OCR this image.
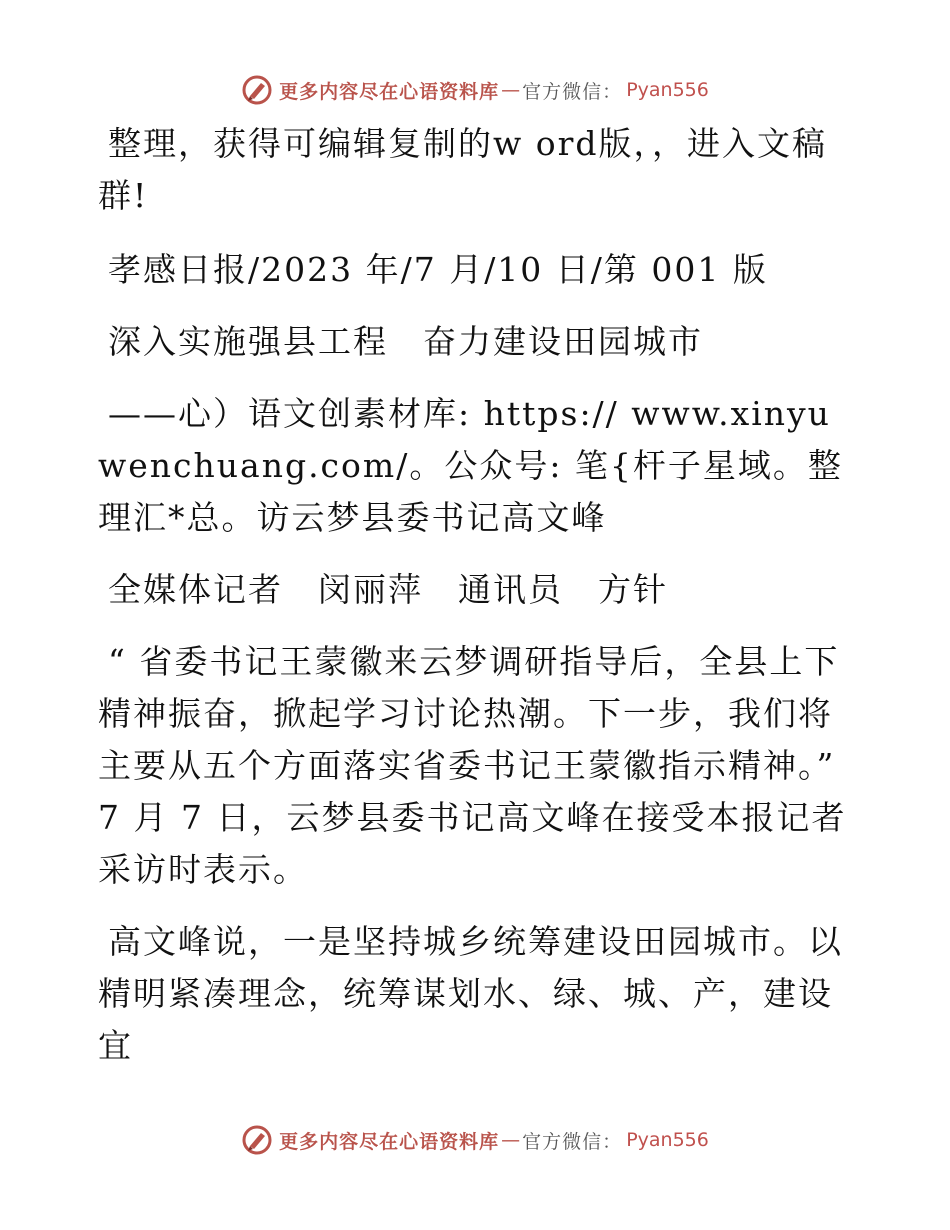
更多内容尽在心语资料库 — 官方微信： Pyan556

整理，获得可编辑复制的w ord版，，进入文稿群!

孝感日报/2023 年/7 月/10 日/第 001 版

深入实施强县工程　奋力建设田园城市

——心）语文创素材库: https:// www.xinyuwenchuang.com/。公众号: 笔{杆子星域。整理汇*总。访云梦县委书记高文峰

全媒体记者　闵丽萍　通讯员　方针

“ 省委书记王蒙徽来云梦调研指导后，全县上下精神振奋，掀起学习讨论热潮。下一步，我们将主要从五个方面落实省委书记王蒙徽指示精神。” 7 月 7 日，云梦县委书记高文峰在接受本报记者采访时表示。

高文峰说，一是坚持城乡统筹建设田园城市。以精明紧凑理念，统筹谋划水、绿、城、产，建设宜

更多内容尽在心语资料库 — 官方微信： Pyan556
